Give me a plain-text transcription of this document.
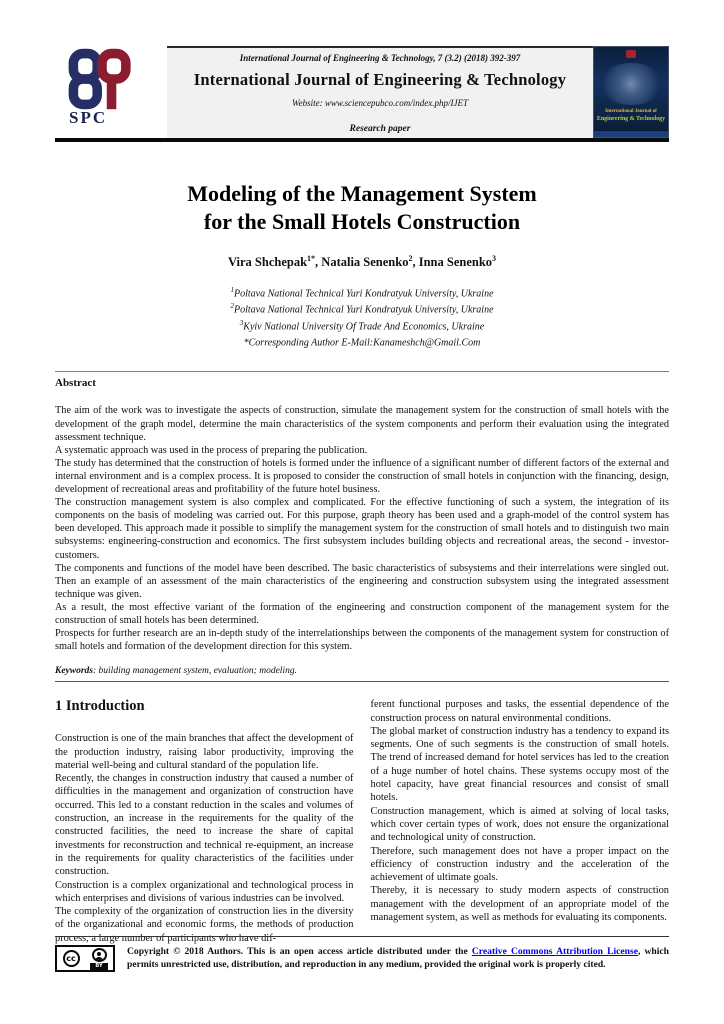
SPC
International Journal of Engineering & Technology, 7 (3.2) (2018) 392-397
International Journal of Engineering & Technology
Website: www.sciencepubco.com/index.php/IJET
Research paper
International Journal of
Engineering & Technology
Modeling of the Management System
for the Small Hotels Construction
Vira Shchepak$^{1*}$, Natalia Senenko$^2$, Inna Senenko$^3$
$^1$Poltava National Technical Yuri Kondratyuk University, Ukraine
$^2$Poltava National Technical Yuri Kondratyuk University, Ukraine
$^3$Kyiv National University Of Trade And Economics, Ukraine
*Corresponding Author E-Mail:Kanameshch@Gmail.Com
Abstract

The aim of the work was to investigate the aspects of construction, simulate the management system for the construction of small hotels with the development of the graph model, determine the main characteristics of the system components and perform their evaluation using the integrated assessment technique.

A systematic approach was used in the process of preparing the publication.

The study has determined that the construction of hotels is formed under the influence of a significant number of different factors of the external and internal environment and is a complex process. It is proposed to consider the construction of small hotels in conjunction with the financing, design, development of recreational areas and profitability of the future hotel business.

The construction management system is also complex and complicated. For the effective functioning of such a system, the integration of its components on the basis of modeling was carried out. For this purpose, graph theory has been used and a graph-model of the control system has been developed. This approach made it possible to simplify the management system for the construction of small hotels and to distinguish two main subsystems: engineering-construction and economics. The first subsystem includes building objects and recreational areas, the second - investor-customers.

The components and functions of the model have been described. The basic characteristics of subsystems and their interrelations were singled out. Then an example of an assessment of the main characteristics of the engineering and construction subsystem using the integrated assessment technique was given.

As a result, the most effective variant of the formation of the engineering and construction component of the management system for the construction of small hotels has been determined.

Prospects for further research are an in-depth study of the interrelationships between the components of the management system for construction of small hotels and formation of the development direction for this system.

Keywords: building management system, evaluation; modeling.
1 Introduction

Construction is one of the main branches that affect the development of the production industry, raising labor productivity, improving the material well-being and cultural standard of the population life.

Recently, the changes in construction industry that caused a number of difficulties in the management and organization of construction have occurred. This led to a constant reduction in the scales and volumes of construction, an increase in the requirements for the quality of the constructed facilities, the need to increase the share of capital investments for reconstruction and technical re-equipment, an increase in the requirements for quality characteristics of the facilities under construction.

Construction is a complex organizational and technological process in which enterprises and divisions of various industries can be involved.

The complexity of the organization of construction lies in the diversity of the organizational and economic forms, the methods of production process, a large number of participants who have dif-

ferent functional purposes and tasks, the essential dependence of the construction process on natural environmental conditions.

The global market of construction industry has a tendency to expand its segments. One of such segments is the construction of small hotels. The trend of increased demand for hotel services has led to the creation of a huge number of hotel chains. These systems occupy most of the hotel capacity, have great financial resources and consist of small hotels.

Construction management, which is aimed at solving of local tasks, which cover certain types of work, does not ensure the organizational and technological unity of construction.

Therefore, such management does not have a proper impact on the efficiency of construction industry and the acceleration of the achievement of ultimate goals.

Thereby, it is necessary to study modern aspects of construction management with the development of an appropriate model of the management system, as well as methods for evaluating its components.

cc
BY
Copyright © 2018 Authors. This is an open access article distributed under the Creative Commons Attribution License, which permits unrestricted use, distribution, and reproduction in any medium, provided the original work is properly cited.
